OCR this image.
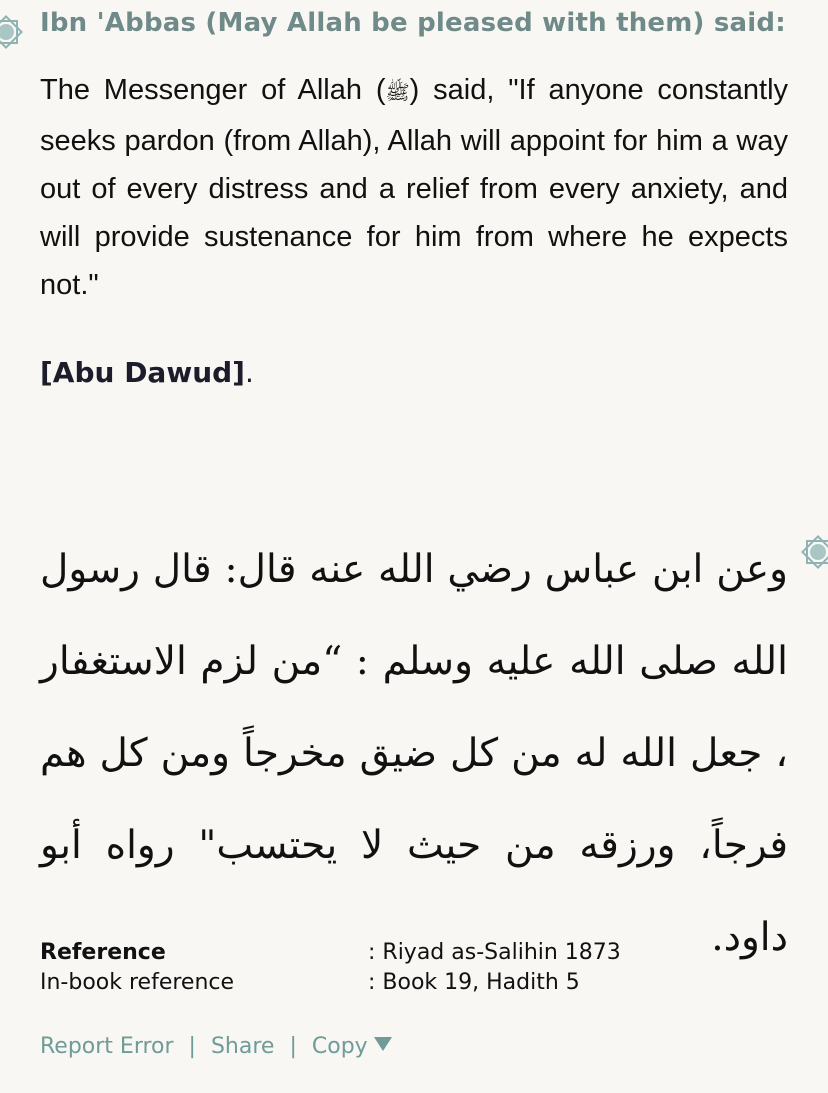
Ibn 'Abbas (May Allah be pleased with them) said:
The Messenger of Allah (ﷺ) said, "If anyone constantly seeks pardon (from Allah), Allah will appoint for him a way out of every distress and a relief from every anxiety, and will provide sustenance for him from where he expects not."
[Abu Dawud].
وعن ابن عباس رضي الله عنه قال: قال رسول الله صلى الله عليه وسلم : “من لزم الاستغفار ، جعل الله له من كل ضيق مخرجاً ومن كل هم فرجاً، ورزقه من حيث لا يحتسب" رواه أبو داود.
Reference	: Riyad as-Salihin 1873
In-book reference	: Book 19, Hadith 5
Report Error | Share | Copy
